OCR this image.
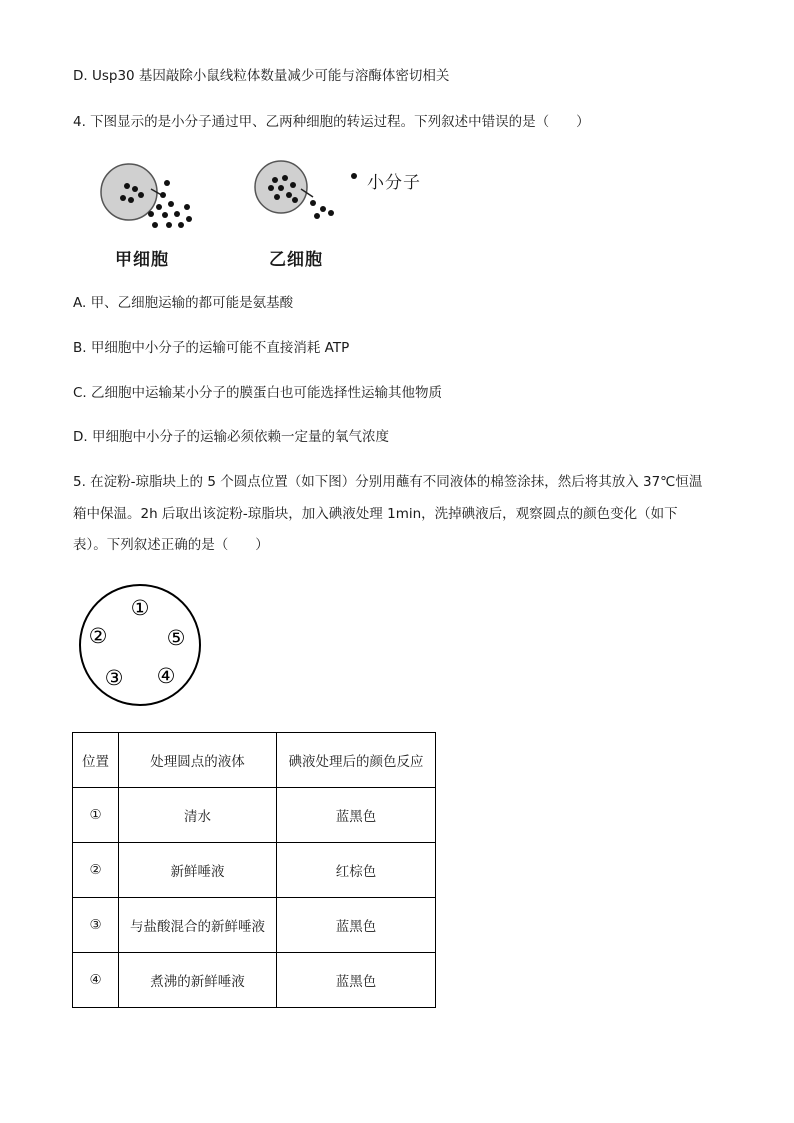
D. Usp30 基因敲除小鼠线粒体数量减少可能与溶酶体密切相关
4. 下图显示的是小分子通过甲、乙两种细胞的转运过程。下列叙述中错误的是（　　）
小分子
甲细胞	乙细胞
A. 甲、乙细胞运输的都可能是氨基酸
B. 甲细胞中小分子的运输可能不直接消耗 ATP
C. 乙细胞中运输某小分子的膜蛋白也可能选择性运输其他物质
D. 甲细胞中小分子的运输必须依赖一定量的氧气浓度
5. 在淀粉-琼脂块上的 5 个圆点位置（如下图）分别用蘸有不同液体的棉签涂抹，然后将其放入 37℃恒温
箱中保温。2h 后取出该淀粉-琼脂块，加入碘液处理 1min，洗掉碘液后，观察圆点的颜色变化（如下
表）。下列叙述正确的是（　　）
①
②
③ ④
⑤
位置	处理圆点的液体	碘液处理后的颜色反应
①	清水	蓝黑色
②	新鲜唾液	红棕色
③	与盐酸混合的新鲜唾液	蓝黑色
④	煮沸的新鲜唾液	蓝黑色
